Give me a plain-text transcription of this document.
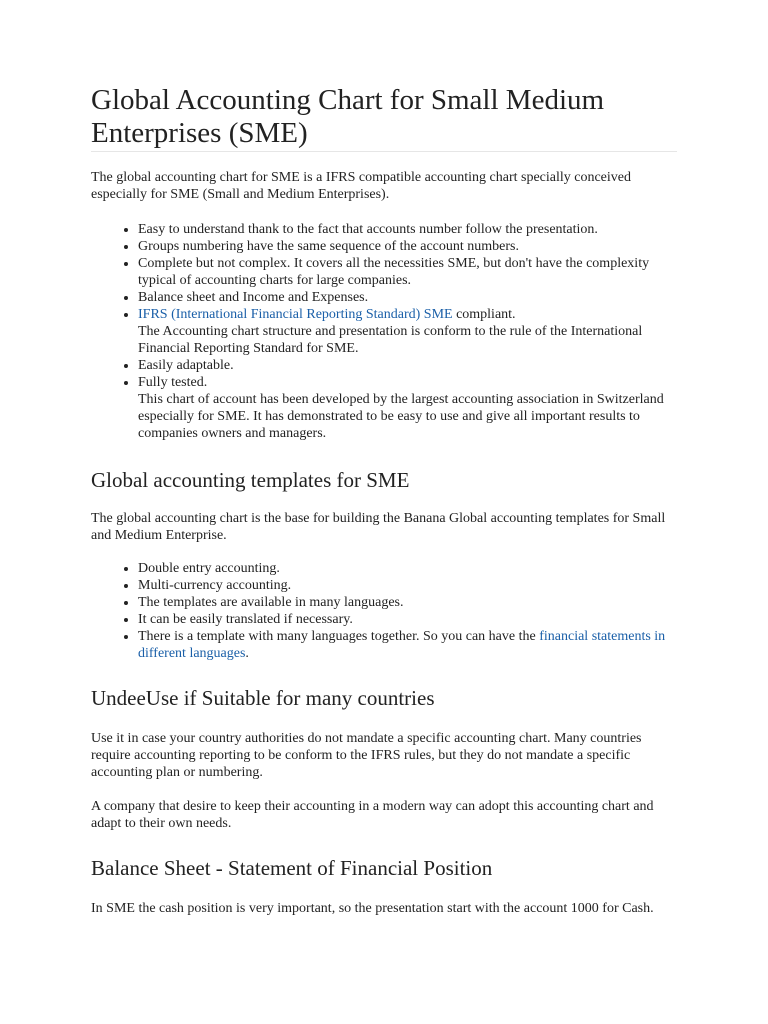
Global Accounting Chart for Small Medium Enterprises (SME)

The global accounting chart for SME is a IFRS compatible accounting chart specially conceived especially for SME (Small and Medium Enterprises).

• Easy to understand thank to the fact that accounts number follow the presentation.
• Groups numbering have the same sequence of the account numbers.
• Complete but not complex. It covers all the necessities SME, but don't have the complexity typical of accounting charts for large companies.
• Balance sheet and Income and Expenses.
• IFRS (International Financial Reporting Standard) SME compliant.
The Accounting chart structure and presentation is conform to the rule of the International Financial Reporting Standard for SME.
• Easily adaptable.
• Fully tested.
This chart of account has been developed by the largest accounting association in Switzerland especially for SME. It has demonstrated to be easy to use and give all important results to companies owners and managers.
Global accounting templates for SME

The global accounting chart is the base for building the Banana Global accounting templates for Small and Medium Enterprise.

• Double entry accounting.
• Multi-currency accounting.
• The templates are available in many languages.
• It can be easily translated if necessary.
• There is a template with many languages together. So you can have the financial statements in different languages.
UndeeUse if Suitable for many countries

Use it in case your country authorities do not mandate a specific accounting chart. Many countries require accounting reporting to be conform to the IFRS rules, but they do not mandate a specific accounting plan or numbering.

A company that desire to keep their accounting in a modern way can adopt this accounting chart and adapt to their own needs.

Balance Sheet - Statement of Financial Position

In SME the cash position is very important, so the presentation start with the account 1000 for Cash.
